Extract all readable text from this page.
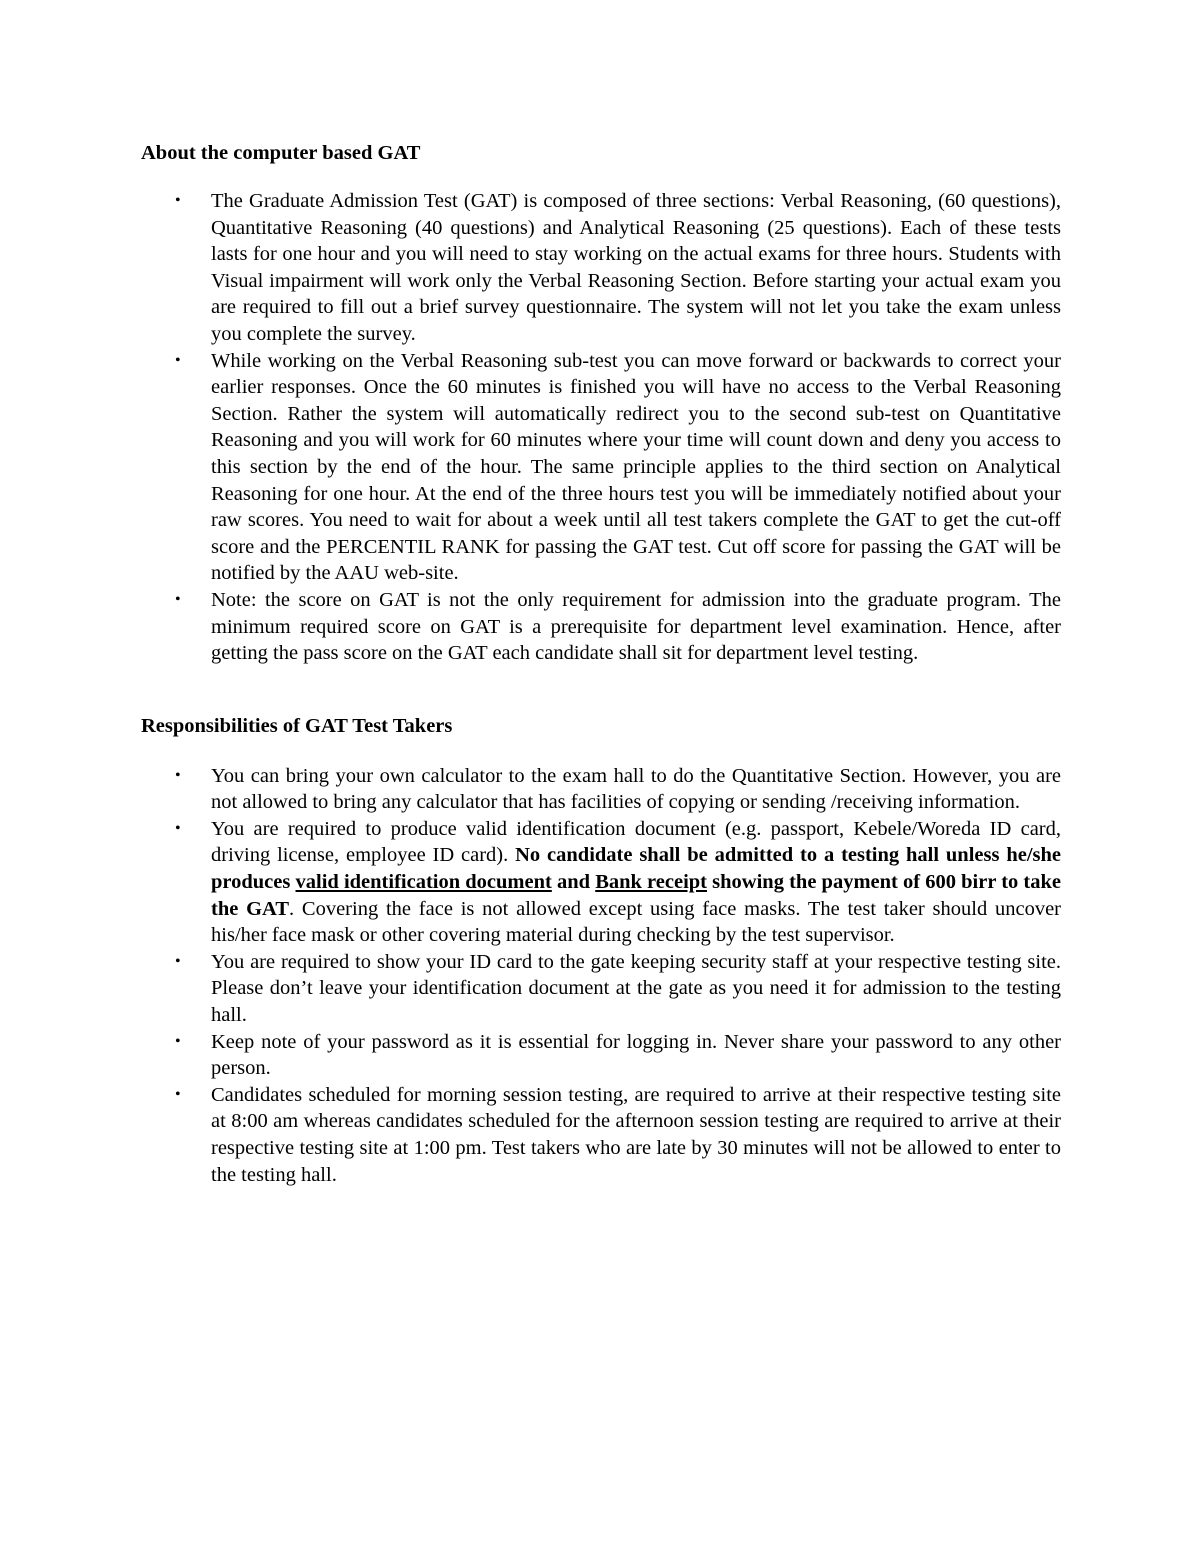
About the computer based GAT

• The Graduate Admission Test (GAT) is composed of three sections: Verbal Reasoning, (60 questions), Quantitative Reasoning (40 questions) and Analytical Reasoning (25 questions). Each of these tests lasts for one hour and you will need to stay working on the actual exams for three hours. Students with Visual impairment will work only the Verbal Reasoning Section. Before starting your actual exam you are required to fill out a brief survey questionnaire. The system will not let you take the exam unless you complete the survey.
• While working on the Verbal Reasoning sub-test you can move forward or backwards to correct your earlier responses. Once the 60 minutes is finished you will have no access to the Verbal Reasoning Section. Rather the system will automatically redirect you to the second sub-test on Quantitative Reasoning and you will work for 60 minutes where your time will count down and deny you access to this section by the end of the hour. The same principle applies to the third section on Analytical Reasoning for one hour. At the end of the three hours test you will be immediately notified about your raw scores. You need to wait for about a week until all test takers complete the GAT to get the cut-off score and the PERCENTIL RANK for passing the GAT test. Cut off score for passing the GAT will be notified by the AAU web-site.
• Note: the score on GAT is not the only requirement for admission into the graduate program. The minimum required score on GAT is a prerequisite for department level examination. Hence, after getting the pass score on the GAT each candidate shall sit for department level testing.

Responsibilities of GAT Test Takers

• You can bring your own calculator to the exam hall to do the Quantitative Section. However, you are not allowed to bring any calculator that has facilities of copying or sending /receiving information.
• You are required to produce valid identification document (e.g. passport, Kebele/Woreda ID card, driving license, employee ID card). No candidate shall be admitted to a testing hall unless he/she produces valid identification document and Bank receipt showing the payment of 600 birr to take the GAT. Covering the face is not allowed except using face masks. The test taker should uncover his/her face mask or other covering material during checking by the test supervisor.
• You are required to show your ID card to the gate keeping security staff at your respective testing site. Please don’t leave your identification document at the gate as you need it for admission to the testing hall.
• Keep note of your password as it is essential for logging in. Never share your password to any other person.
• Candidates scheduled for morning session testing, are required to arrive at their respective testing site at 8:00 am whereas candidates scheduled for the afternoon session testing are required to arrive at their respective testing site at 1:00 pm. Test takers who are late by 30 minutes will not be allowed to enter to the testing hall.
